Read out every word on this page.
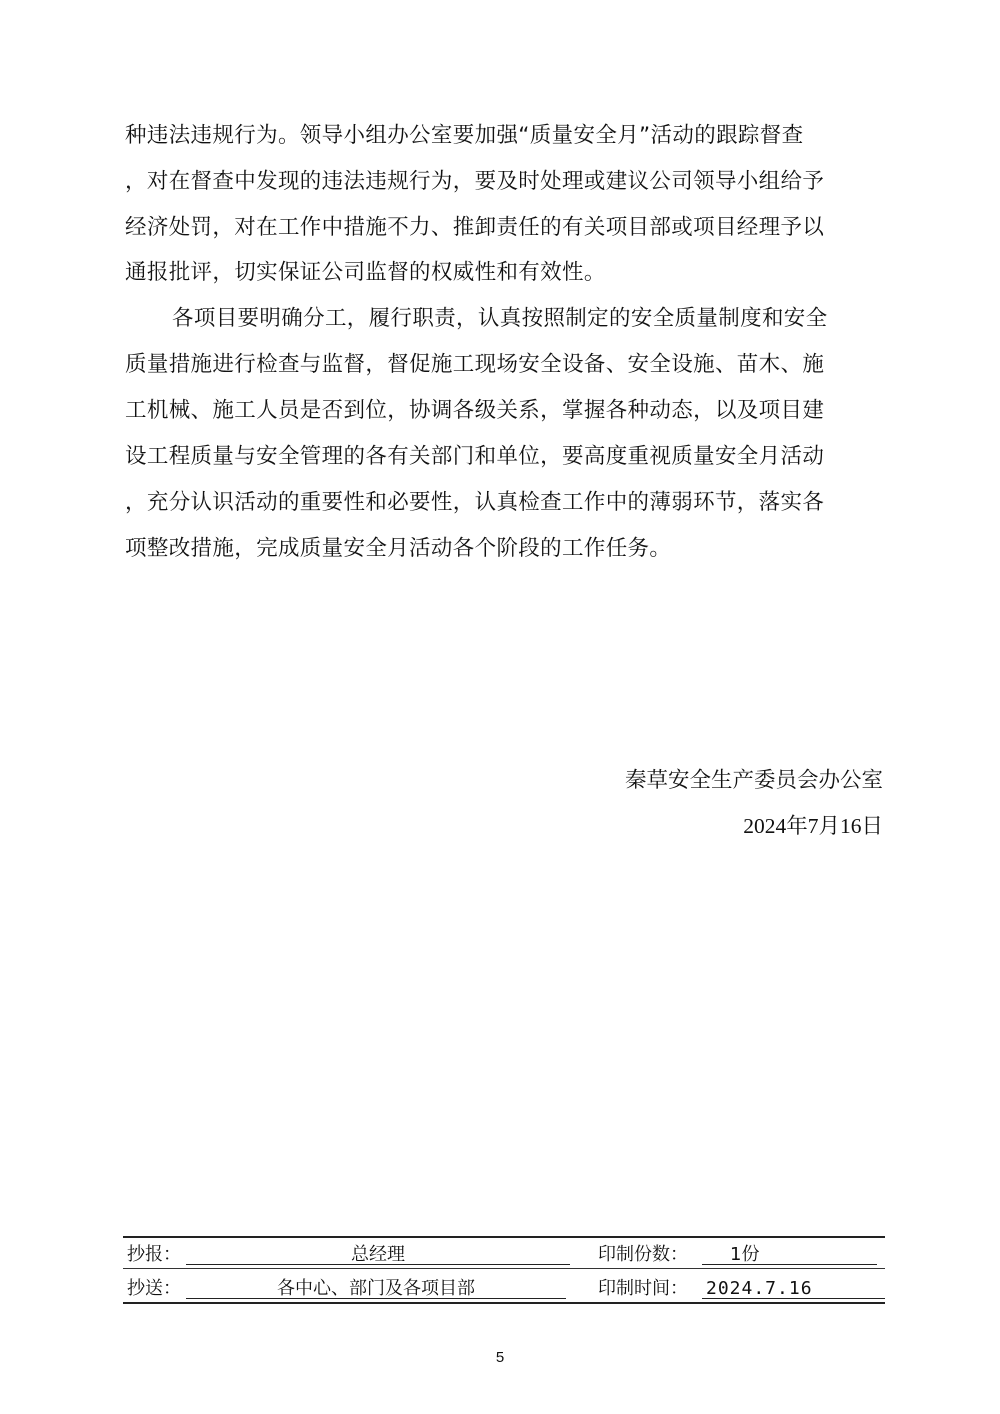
种违法违规行为。领导小组办公室要加强“质量安全月”活动的跟踪督查
，对在督查中发现的违法违规行为，要及时处理或建议公司领导小组给予
经济处罚，对在工作中措施不力、推卸责任的有关项目部或项目经理予以
通报批评，切实保证公司监督的权威性和有效性。
各项目要明确分工，履行职责，认真按照制定的安全质量制度和安全
质量措施进行检查与监督，督促施工现场安全设备、安全设施、苗木、施
工机械、施工人员是否到位，协调各级关系，掌握各种动态，以及项目建
设工程质量与安全管理的各有关部门和单位，要高度重视质量安全月活动
，充分认识活动的重要性和必要性，认真检查工作中的薄弱环节，落实各
项整改措施，完成质量安全月活动各个阶段的工作任务。
秦草安全生产委员会办公室
2024年7月16日
抄报：	总经理	印制份数：	1份
抄送：	各中心、部门及各项目部	印制时间： 2024.7.16
5
